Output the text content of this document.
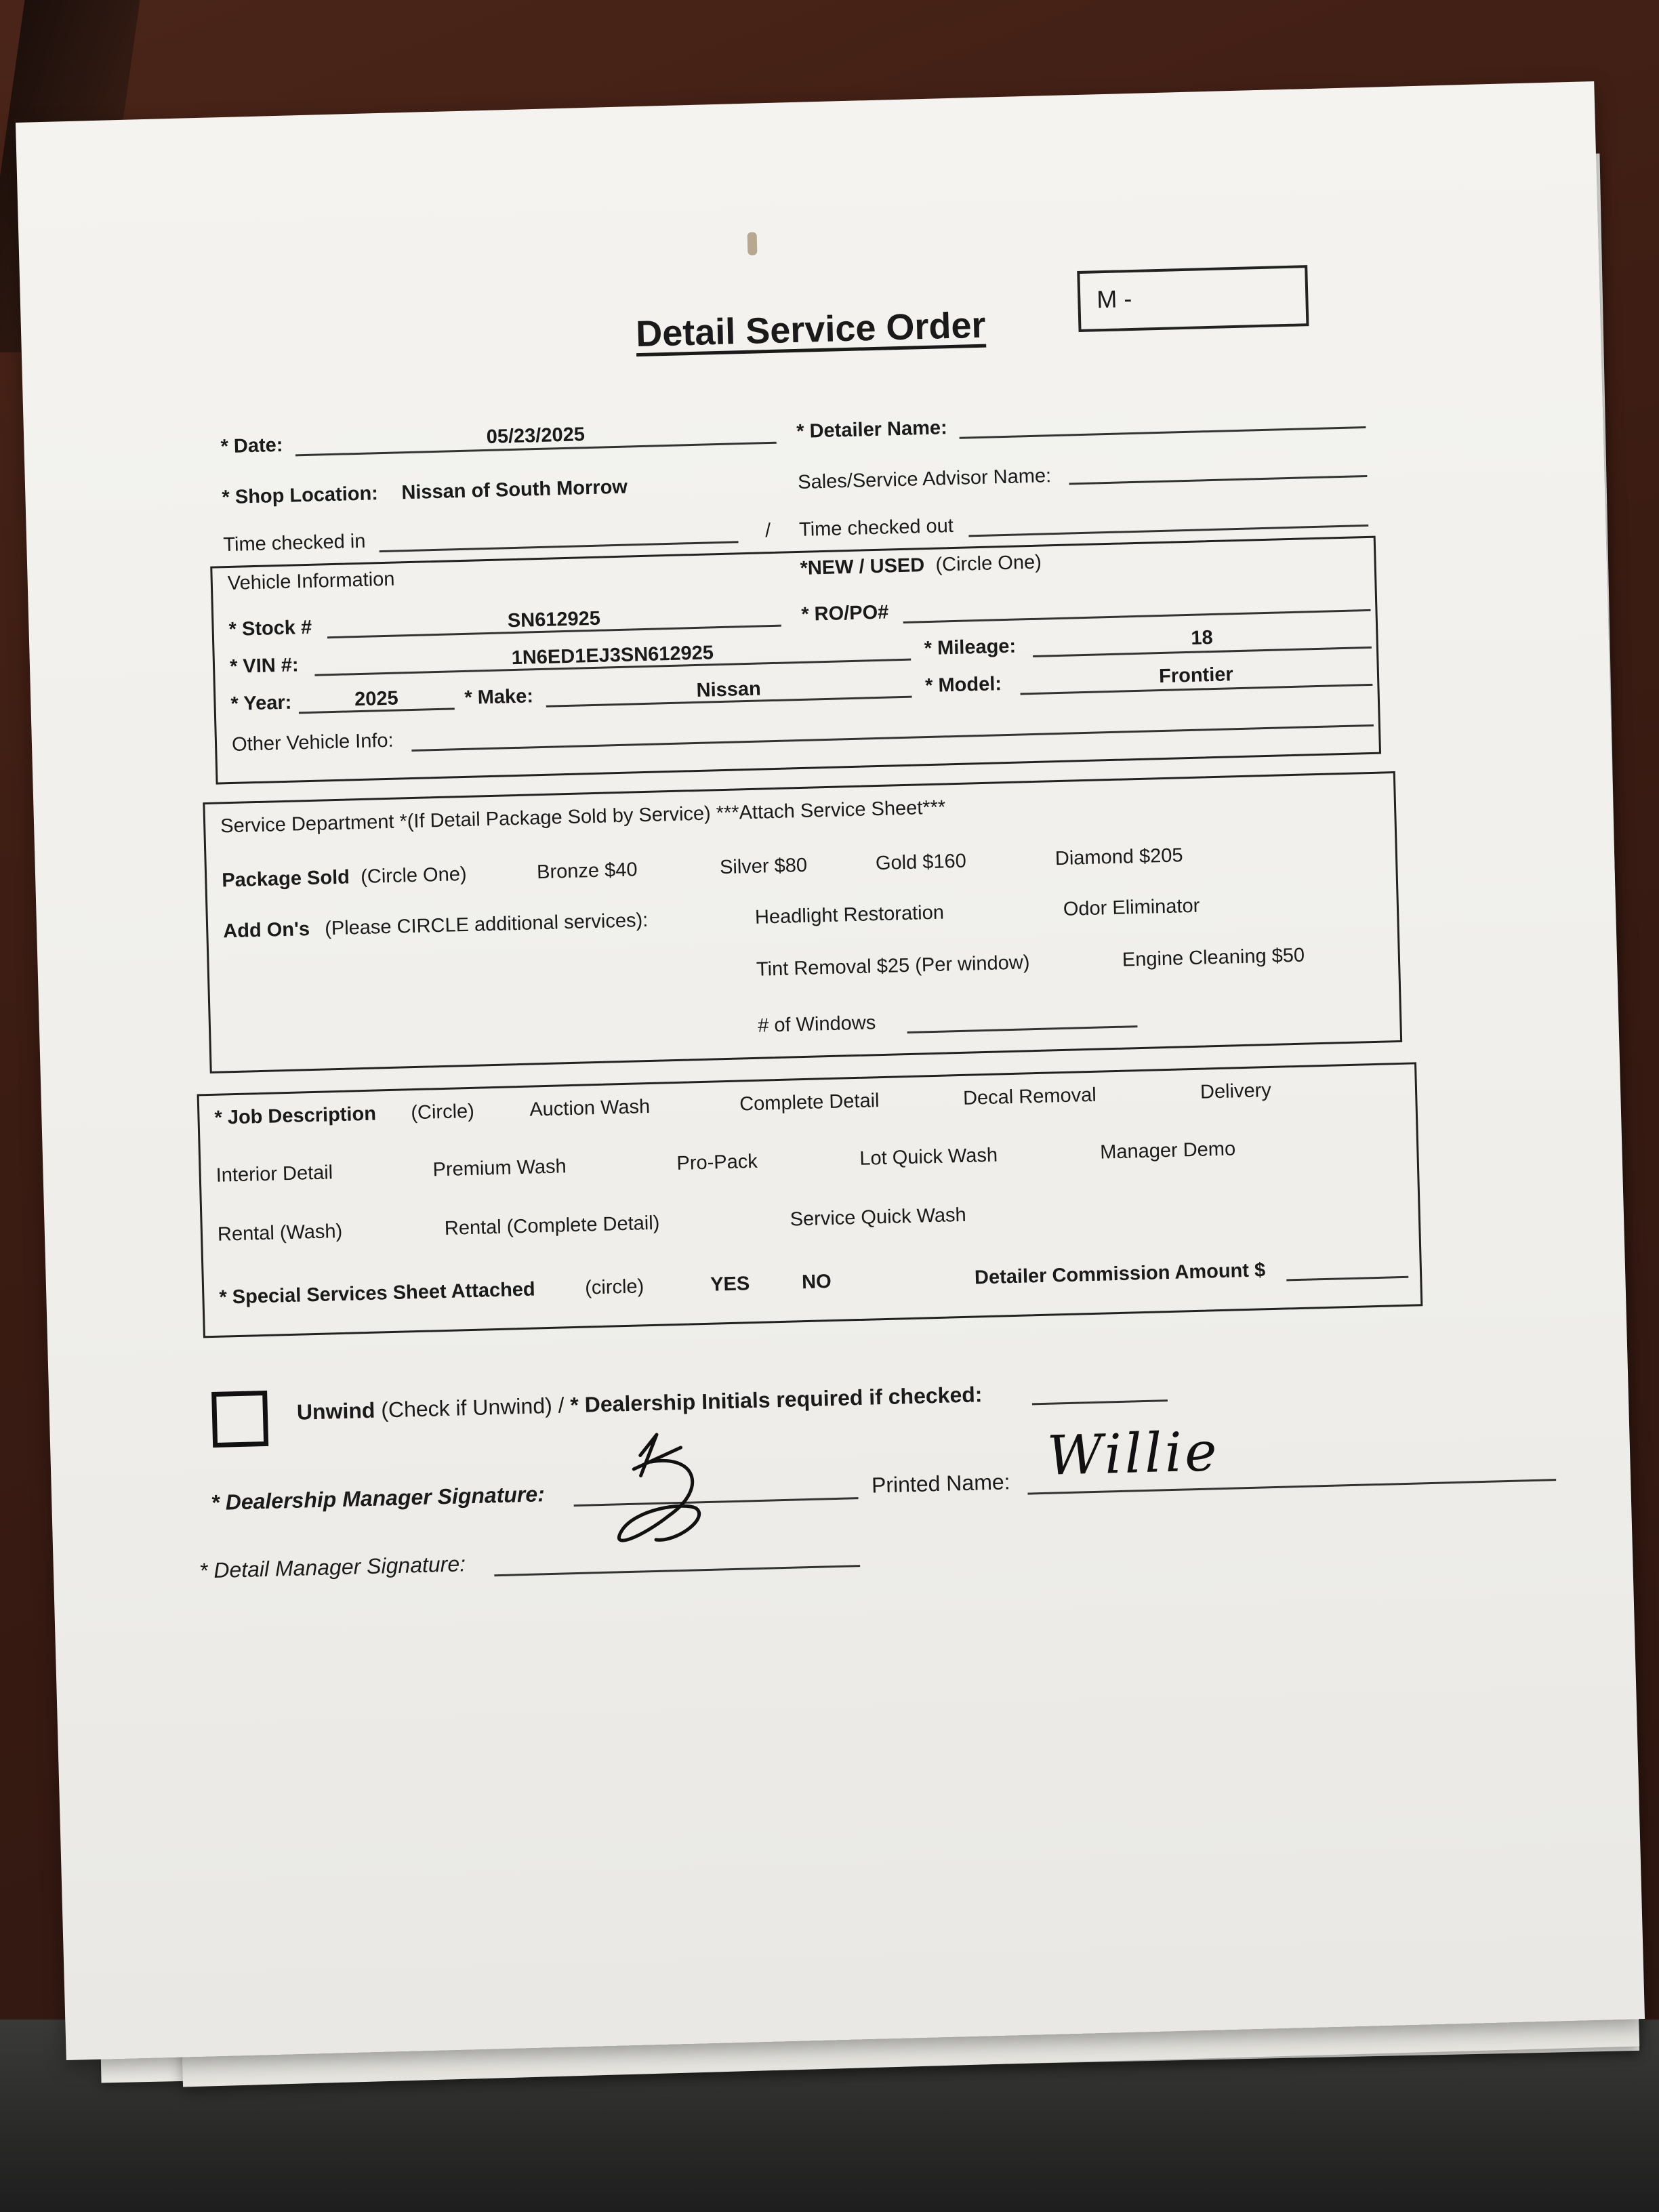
M -
Detail Service Order
* Date:	05/23/2025	* Detailer Name:
* Shop Location: Nissan of South Morrow	Sales/Service Advisor Name:
Time checked in	/ Time checked out
Vehicle Information
*NEW / USED (Circle One)
* Stock #	SN612925	* RO/PO#
* VIN #:	1N6ED1EJ3SN612925	* Mileage:	18
* Year:	2025	* Make:	Nissan	* Model:	Frontier
Other Vehicle Info:
Service Department *(If Detail Package Sold by Service) ***Attach Service Sheet***
Package Sold (Circle One)	Bronze $40	Silver $80	Gold $160	Diamond $205
Add On's (Please CIRCLE additional services):	Headlight Restoration	Odor Eliminator
Tint Removal $25 (Per window)	Engine Cleaning $50
# of Windows
* Job Description (Circle)	Auction Wash	Complete Detail	Decal Removal	Delivery
Interior Detail	Premium Wash	Pro-Pack	Lot Quick Wash	Manager Demo
Rental (Wash)	Rental (Complete Detail)	Service Quick Wash
* Special Services Sheet Attached	(circle)	YES	NO	Detailer Commission Amount $
Unwind (Check if Unwind) / * Dealership Initials required if checked:
* Dealership Manager Signature:	Printed Name: Willie
* Detail Manager Signature:
